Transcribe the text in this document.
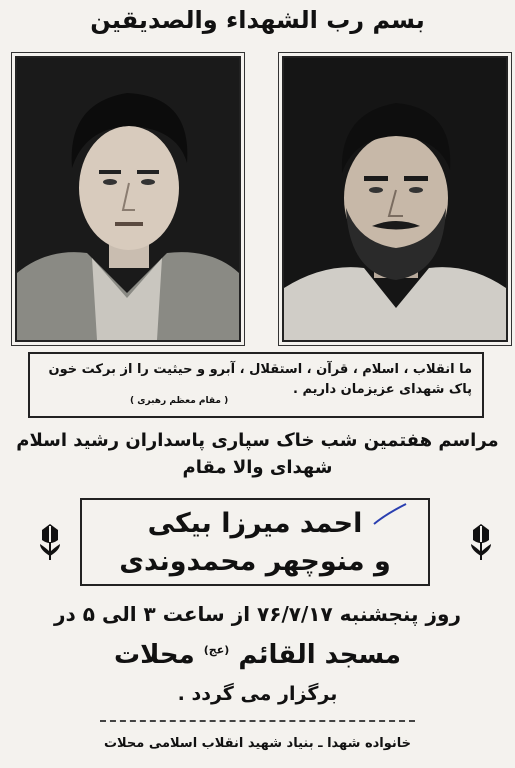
بسم رب الشهداء والصدیقین
ما انقلاب ، اسلام ، قرآن ، استقلال ، آبرو و حیثیت را از برکت خون پاک شهدای عزیزمان داریم .
( مقام معظم رهبری )
مراسم هفتمین شب خاک سپاری پاسداران رشید اسلام
شهدای والا مقام
احمد میرزا بیکی
و منوچهر محمدوندی
روز پنجشنبه ۷۶/۷/۱۷ از ساعت ۳ الی ۵ در
مسجد القائم $^{(عج)}$ محلات
برگزار می گردد .
خانواده شهدا ـ بنیاد شهید انقلاب اسلامی محلات
